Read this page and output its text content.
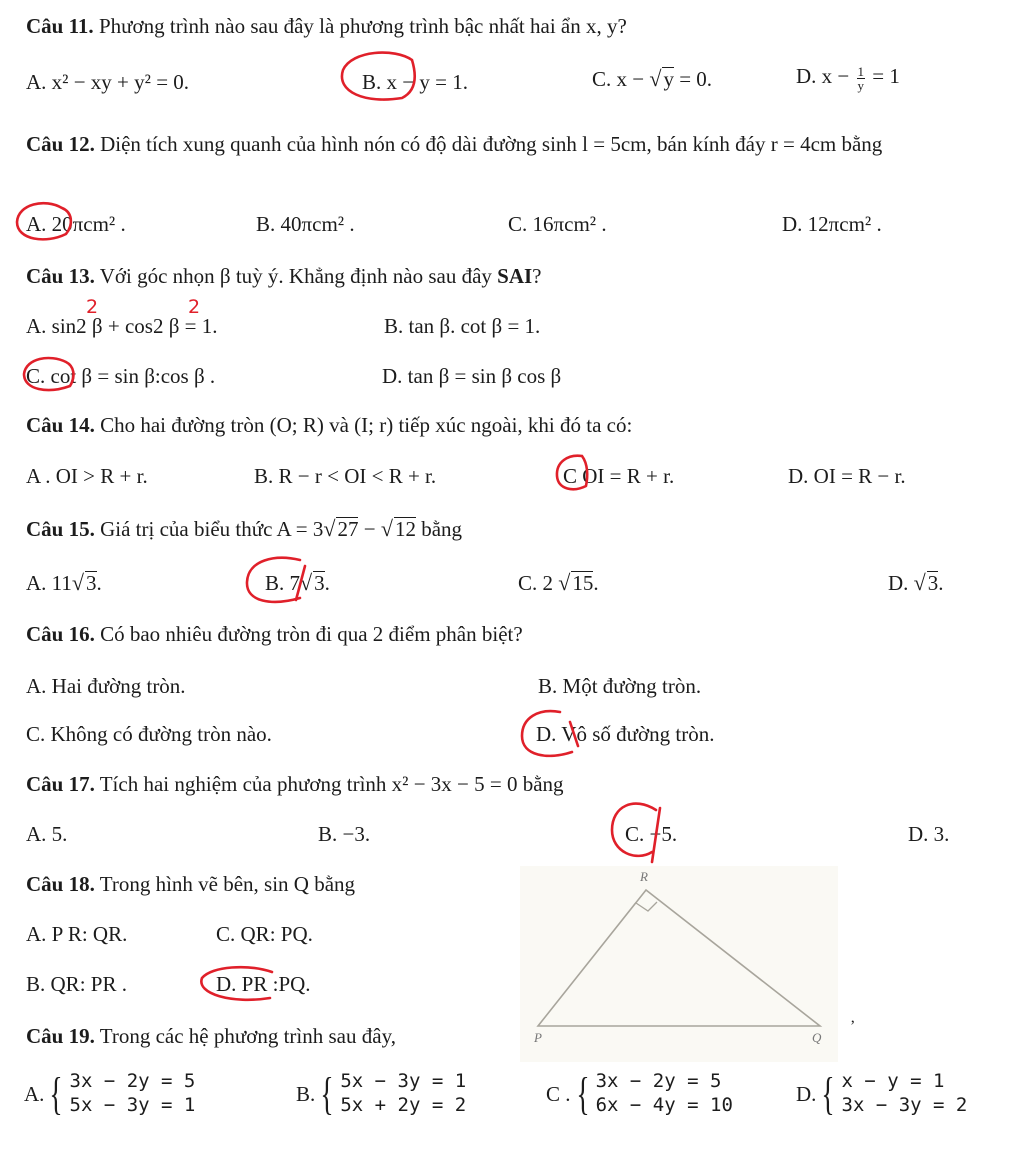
Câu 11. Phương trình nào sau đây là phương trình bậc nhất hai ẩn x, y?
A. x² − xy + y² = 0.	B. x − y = 1.	C. x − √y = 0.	D. $x - \frac{1}{y} = 1$
Câu 12. Diện tích xung quanh của hình nón có độ dài đường sinh l = 5cm, bán kính đáy r = 4cm bằng
A. 20πcm² .	B. 40πcm² .	C. 16πcm² .	D. 12πcm² .
Câu 13. Với góc nhọn β tuỳ ý. Khẳng định nào sau đây SAI?
A. sin2 β + cos2 β = 1.	B. tan β. cot β = 1.
C. cot β = sin β:cos β .	D. tan β = sin β cos β
Câu 14. Cho hai đường tròn (O; R) và (I; r) tiếp xúc ngoài, khi đó ta có:
A . OI > R + r.	B. R − r < OI < R + r.	C OI = R + r.	D. OI = R − r.
Câu 15. Giá trị của biểu thức A = 3√27 − √12 bằng
A. 11√3.	B. 7√3.	C. 2 √15.	D. √3.
Câu 16. Có bao nhiêu đường tròn đi qua 2 điểm phân biệt?
A. Hai đường tròn.	B. Một đường tròn.
C. Không có đường tròn nào.	D. Vô số đường tròn.
Câu 17. Tích hai nghiệm của phương trình x² − 3x − 5 = 0 bằng
A. 5.	B. −3.	C. −5.	D. 3.
Câu 18. Trong hình vẽ bên, sin Q bằng
A. P R: QR.	C. QR: PQ.
B. QR: PR .	D. PR :PQ.
R
P	Q
’
Câu 19. Trong các hệ phương trình sau đây,
A. { 3x − 2y = 5
5x − 3y = 1	B. { 5x − 3y = 1
5x + 2y = 2	C . { 3x − 2y = 5
6x − 4y = 10	D. { x − y = 1
3x − 3y = 2
2	2
